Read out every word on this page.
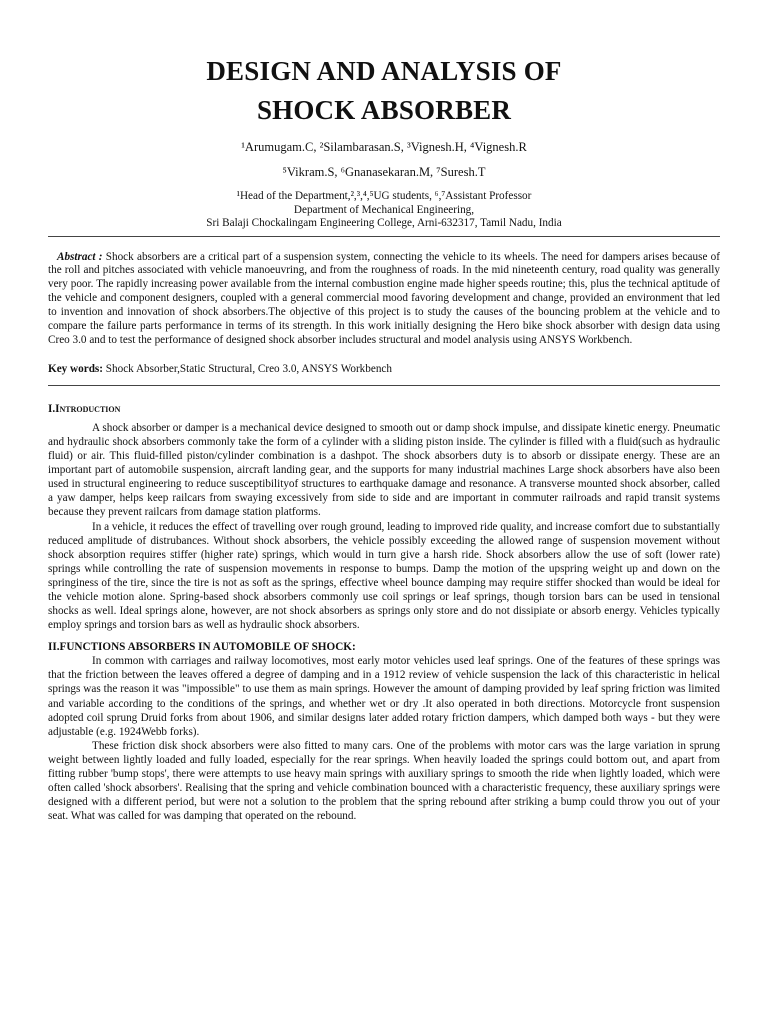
DESIGN AND ANALYSIS OF
SHOCK ABSORBER
¹Arumugam.C, ²Silambarasan.S, ³Vignesh.H, ⁴Vignesh.R
⁵Vikram.S, ⁶Gnanasekaran.M, ⁷Suresh.T
¹Head of the Department,²,³,⁴,⁵UG students, ⁶,⁷Assistant Professor
Department of Mechanical Engineering,
Sri Balaji Chockalingam Engineering College, Arni-632317, Tamil Nadu, India
Abstract : Shock absorbers are a critical part of a suspension system, connecting the vehicle to its wheels. The need for dampers arises because of the roll and pitches associated with vehicle manoeuvring, and from the roughness of roads. In the mid nineteenth century, road quality was generally very poor. The rapidly increasing power available from the internal combustion engine made higher speeds routine; this, plus the technical aptitude of the vehicle and component designers, coupled with a general commercial mood favoring development and change, provided an environment that led to invention and innovation of shock absorbers.The objective of this project is to study the causes of the bouncing problem at the vehicle and to compare the failure parts performance in terms of its strength. In this work initially designing the Hero bike shock absorber with design data using Creo 3.0 and to test the performance of designed shock absorber includes structural and model analysis using ANSYS Workbench.
Key words: Shock Absorber,Static Structural, Creo 3.0, ANSYS Workbench
I.Introduction

A shock absorber or damper is a mechanical device designed to smooth out or damp shock impulse, and dissipate kinetic energy. Pneumatic and hydraulic shock absorbers commonly take the form of a cylinder with a sliding piston inside. The cylinder is filled with a fluid(such as hydraulic fluid) or air. This fluid-filled piston/cylinder combination is a dashpot. The shock absorbers duty is to absorb or dissipate energy. These are an important part of automobile suspension, aircraft landing gear, and the supports for many industrial machines Large shock absorbers have also been used in structural engineering to reduce susceptibilityof structures to earthquake damage and resonance. A transverse mounted shock absorber, called a yaw damper, helps keep railcars from swaying excessively from side to side and are important in commuter railroads and rapid transit systems because they prevent railcars from damage station platforms.

In a vehicle, it reduces the effect of travelling over rough ground, leading to improved ride quality, and increase comfort due to substantially reduced amplitude of distrubances. Without shock absorbers, the vehicle possibly exceeding the allowed range of suspension movement without shock absorption requires stiffer (higher rate) springs, which would in turn give a harsh ride. Shock absorbers allow the use of soft (lower rate) springs while controlling the rate of suspension movements in response to bumps. Damp the motion of the upspring weight up and down on the springiness of the tire, since the tire is not as soft as the springs, effective wheel bounce damping may require stiffer shocked than would be ideal for the vehicle motion alone. Spring-based shock absorbers commonly use coil springs or leaf springs, though torsion bars can be used in tensional shocks as well. Ideal springs alone, however, are not shock absorbers as springs only store and do not dissipiate or absorb energy. Vehicles typically employ springs and torsion bars as well as hydraulic shock absorbers.

II.FUNCTIONS ABSORBERS IN AUTOMOBILE OF SHOCK:

In common with carriages and railway locomotives, most early motor vehicles used leaf springs. One of the features of these springs was that the friction between the leaves offered a degree of damping and in a 1912 review of vehicle suspension the lack of this characteristic in helical springs was the reason it was "impossible" to use them as main springs. However the amount of damping provided by leaf spring friction was limited and variable according to the conditions of the springs, and whether wet or dry .It also operated in both directions. Motorcycle front suspension adopted coil sprung Druid forks from about 1906, and similar designs later added rotary friction dampers, which damped both ways - but they were adjustable (e.g. 1924Webb forks).

These friction disk shock absorbers were also fitted to many cars. One of the problems with motor cars was the large variation in sprung weight between lightly loaded and fully loaded, especially for the rear springs. When heavily loaded the springs could bottom out, and apart from fitting rubber 'bump stops', there were attempts to use heavy main springs with auxiliary springs to smooth the ride when lightly loaded, which were often called 'shock absorbers'. Realising that the spring and vehicle combination bounced with a characteristic frequency, these auxiliary springs were designed with a different period, but were not a solution to the problem that the spring rebound after striking a bump could throw you out of your seat. What was called for was damping that operated on the rebound.
